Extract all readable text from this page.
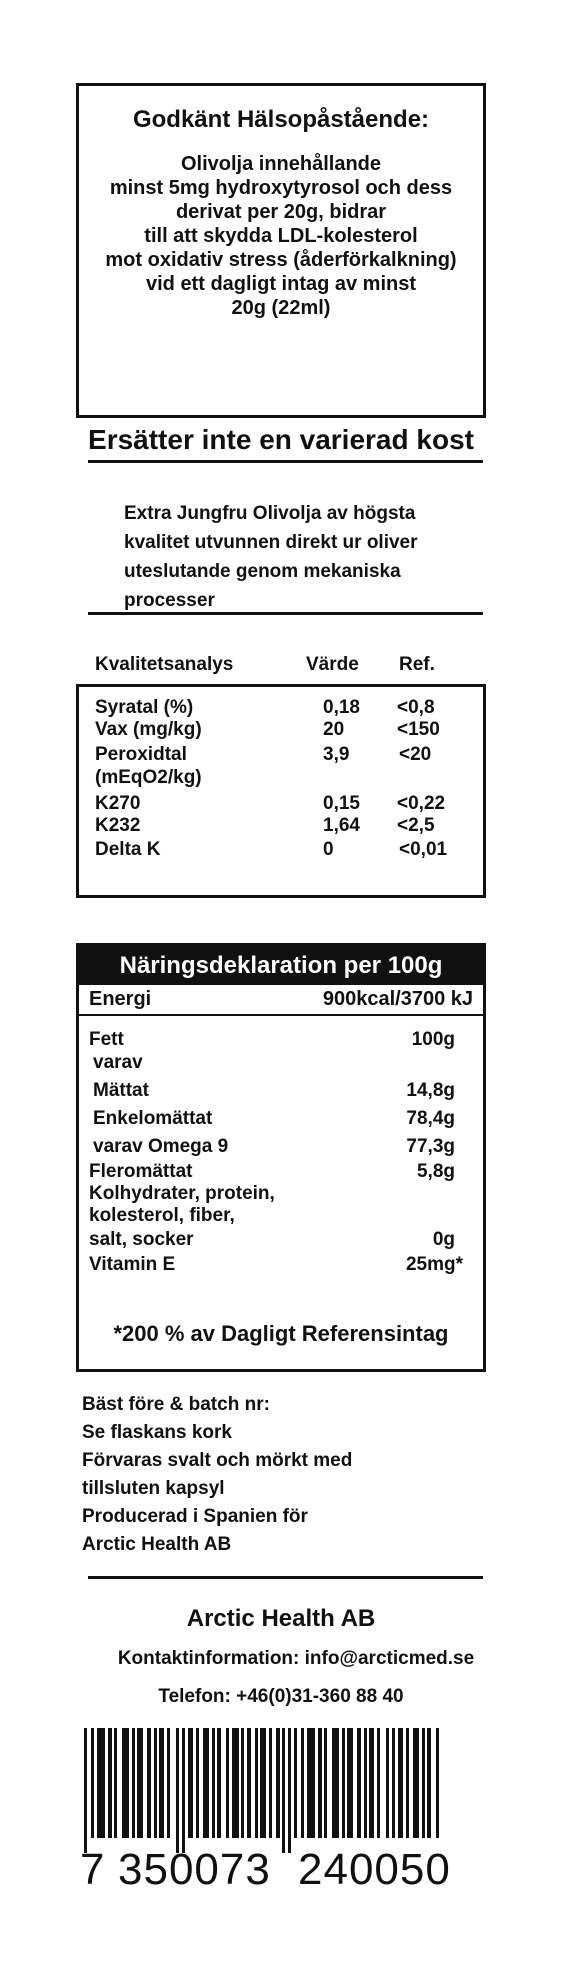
Godkänt Hälsopåstående:
Olivolja innehållande
minst 5mg hydroxytyrosol och dess
derivat per 20g, bidrar
till att skydda LDL-kolesterol
mot oxidativ stress (åderförkalkning)
vid ett dagligt intag av minst
20g (22ml)
Ersätter inte en varierad kost
Extra Jungfru Olivolja av högsta
kvalitet utvunnen direkt ur oliver
uteslutande genom mekaniska
processer
Kvalitetsanalys	Värde Ref.
Syratal (%)	0,18 <0,8
Vax (mg/kg)	20	<150
Peroxidtal	3,9	<20
(mEqO2/kg)
K270	0,15 <0,22
K232	1,64 <2,5
Delta K	0	<0,01
Näringsdeklaration per 100g
Energi	900kcal/3700 kJ
Fett	100g
varav
Mättat	14,8g
Enkelomättat	78,4g
varav Omega 9	77,3g
Fleromättat	5,8g
Kolhydrater, protein,
kolesterol, fiber,
salt, socker	0g
Vitamin E	25mg*
*200 % av Dagligt Referensintag
Bäst före & batch nr:
Se flaskans kork
Förvaras svalt och mörkt med
tillsluten kapsyl
Producerad i Spanien för
Arctic Health AB
Arctic Health AB
Kontaktinformation: info@arcticmed.se
Telefon: +46(0)31-360 88 40
7 350073 240050
